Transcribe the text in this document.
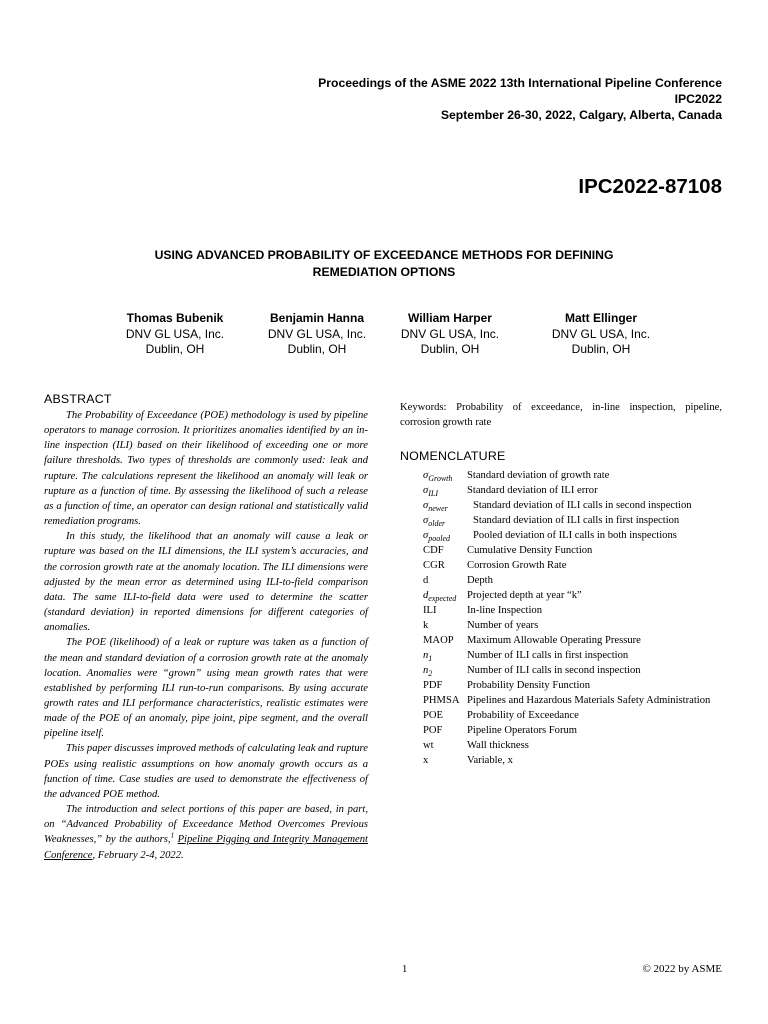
Proceedings of the ASME 2022 13th International Pipeline Conference
IPC2022
September 26-30, 2022, Calgary, Alberta, Canada
IPC2022-87108
USING ADVANCED PROBABILITY OF EXCEEDANCE METHODS FOR DEFINING
REMEDIATION OPTIONS
Thomas Bubenik
DNV GL USA, Inc.
Dublin, OH
Benjamin Hanna
DNV GL USA, Inc.
Dublin, OH
William Harper
DNV GL USA, Inc.
Dublin, OH
Matt Ellinger
DNV GL USA, Inc.
Dublin, OH
ABSTRACT

The Probability of Exceedance (POE) methodology is used by pipeline operators to manage corrosion. It prioritizes anomalies identified by an in-line inspection (ILI) based on their likelihood of exceeding one or more failure thresholds. Two types of thresholds are commonly used: leak and rupture. The calculations represent the likelihood an anomaly will leak or rupture as a function of time. By assessing the likelihood of such a release as a function of time, an operator can design rational and statistically valid remediation programs.

In this study, the likelihood that an anomaly will cause a leak or rupture was based on the ILI dimensions, the ILI system’s accuracies, and the corrosion growth rate at the anomaly location. The ILI dimensions were adjusted by the mean error as determined using ILI-to-field comparison data. The same ILI-to-field data were used to determine the scatter (standard deviation) in reported dimensions for different categories of anomalies.

The POE (likelihood) of a leak or rupture was taken as a function of the mean and standard deviation of a corrosion growth rate at the anomaly location. Anomalies were “grown” using mean growth rates that were established by performing ILI run-to-run comparisons. By using accurate growth rates and ILI performance characteristics, realistic estimates were made of the POE of an anomaly, pipe joint, pipe segment, and the overall pipeline itself.

This paper discusses improved methods of calculating leak and rupture POEs using realistic assumptions on how anomaly growth occurs as a function of time. Case studies are used to demonstrate the effectiveness of the advanced POE method.

The introduction and select portions of this paper are based, in part, on “Advanced Probability of Exceedance Method Overcomes Previous Weaknesses,” by the authors,$^1$ Pipeline Pigging and Integrity Management Conference, February 2-4, 2022.

Keywords: Probability of exceedance, in-line inspection, pipeline, corrosion growth rate

NOMENCLATURE
$\sigma_{Growth}$	Standard deviation of growth rate
$\sigma_{ILI}$	Standard deviation of ILI error
$\sigma_{newer}$	Standard deviation of ILI calls in second inspection
$\sigma_{older}$	Standard deviation of ILI calls in first inspection
$\sigma_{pooled}$	Pooled deviation of ILI calls in both inspections
CDF	Cumulative Density Function
CGR	Corrosion Growth Rate
d	Depth
$d_{expected}$	Projected depth at year “k”
ILI	In-line Inspection
k	Number of years
MAOP	Maximum Allowable Operating Pressure
$n_1$	Number of ILI calls in first inspection
$n_2$	Number of ILI calls in second inspection
PDF	Probability Density Function
PHMSA Pipelines and Hazardous Materials Safety Administration
POE	Probability of Exceedance
POF	Pipeline Operators Forum
wt	Wall thickness
x	Variable, x
1	© 2022 by ASME
